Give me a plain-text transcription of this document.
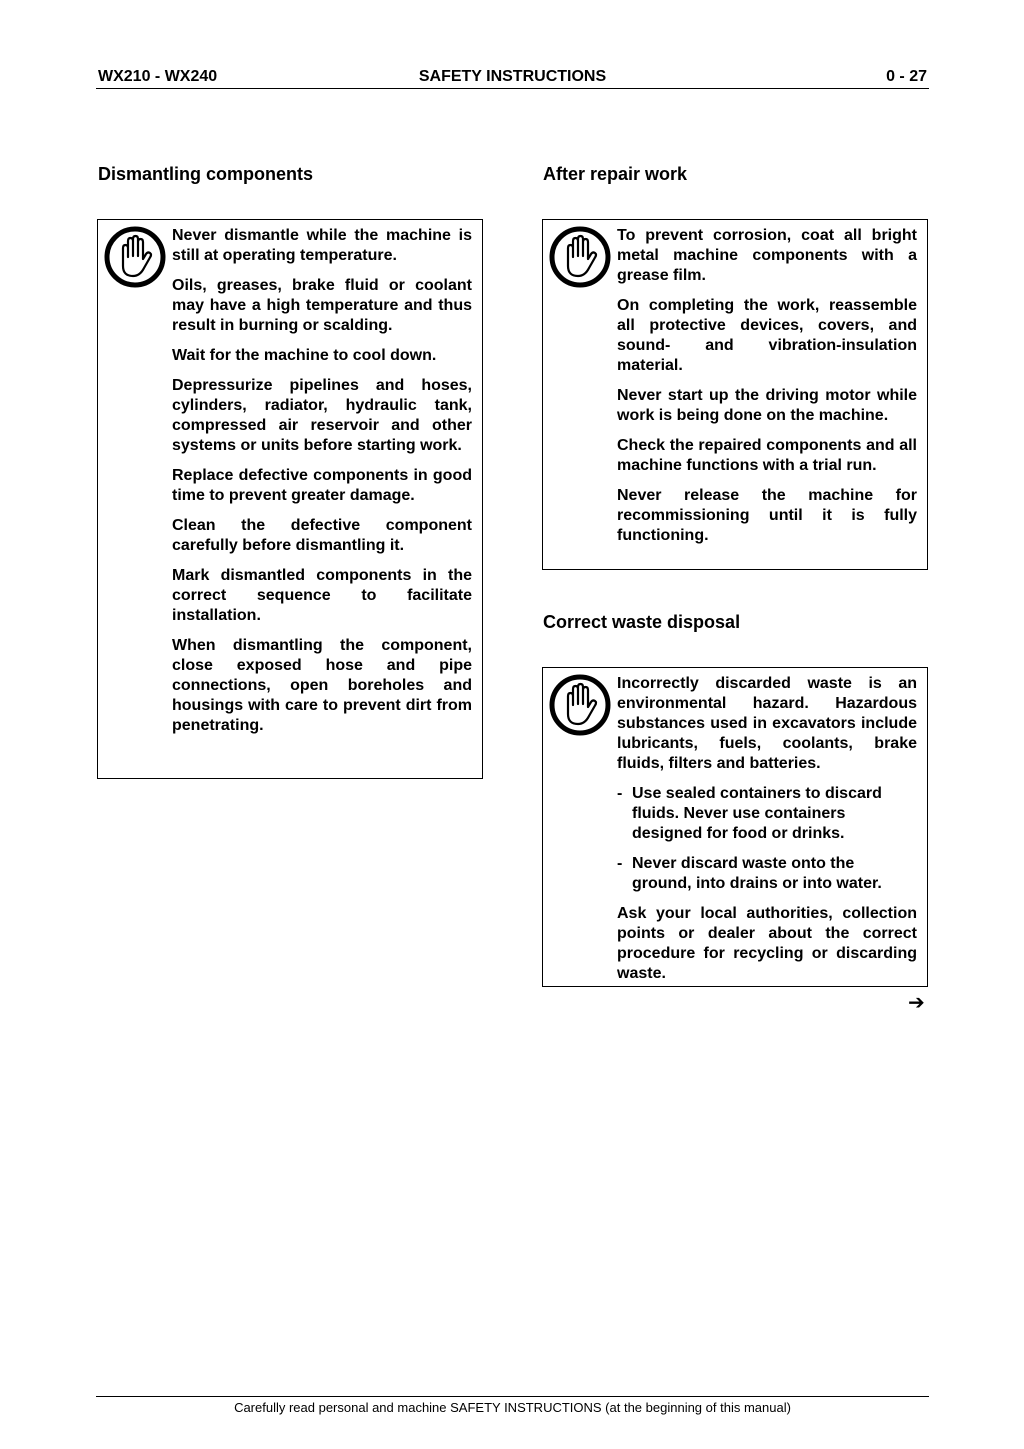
WX210 - WX240	SAFETY INSTRUCTIONS	0 - 27
Dismantling components

Never dismantle while the machine is still at operating temperature.

Oils, greases, brake fluid or coolant may have a high temperature and thus result in burning or scalding.

Wait for the machine to cool down.

Depressurize pipelines and hoses, cylinders, radiator, hydraulic tank, compressed air reservoir and other systems or units before starting work.

Replace defective components in good time to prevent greater damage.

Clean the defective component carefully before dismantling it.

Mark dismantled components in the correct sequence to facilitate installation.

When dismantling the component, close exposed hose and pipe connections, open boreholes and housings with care to prevent dirt from penetrating.

After repair work

To prevent corrosion, coat all bright metal machine components with a grease film.

On completing the work, reassemble all protective devices, covers, and sound- and vibration-insulation material.

Never start up the driving motor while work is being done on the machine.

Check the repaired components and all machine functions with a trial run.

Never release the machine for recommissioning until it is fully functioning.

Correct waste disposal

Incorrectly discarded waste is an environmental hazard. Hazardous substances used in excavators include lubricants, fuels, coolants, brake fluids, filters and batteries.

- Use sealed containers to discard fluids. Never use containers designed for food or drinks.
- Never discard waste onto the ground, into drains or into water.

Ask your local authorities, collection points or dealer about the correct procedure for recycling or discarding waste.

➔
Carefully read personal and machine SAFETY INSTRUCTIONS (at the beginning of this manual)
